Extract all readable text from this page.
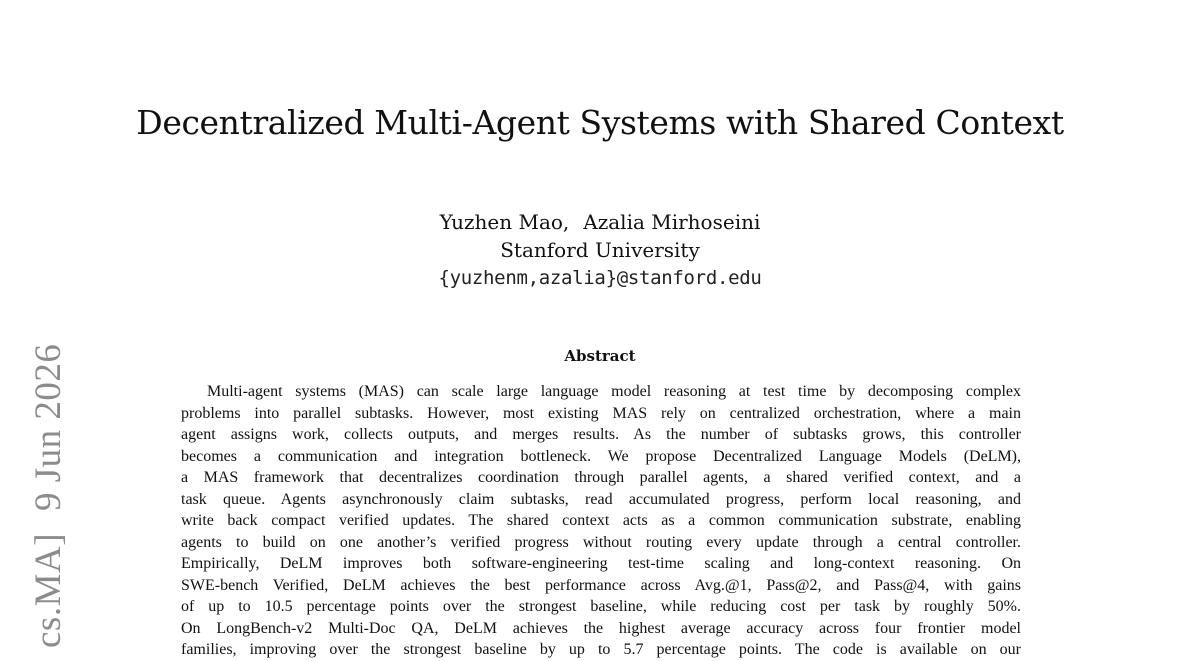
cs.MA]9 Jun 2026
Decentralized Multi-Agent Systems with Shared Context
Yuzhen Mao, Azalia Mirhoseini
Stanford University
{yuzhenm,azalia}@stanford.edu
Abstract
Multi-agent systems (MAS) can scale large language model reasoning at test time by decomposing complex
problems into parallel subtasks. However, most existing MAS rely on centralized orchestration, where a main
agent assigns work, collects outputs, and merges results. As the number of subtasks grows, this controller
becomes a communication and integration bottleneck. We propose Decentralized Language Models (DeLM),
a MAS framework that decentralizes coordination through parallel agents, a shared verified context, and a
task queue. Agents asynchronously claim subtasks, read accumulated progress, perform local reasoning, and
write back compact verified updates. The shared context acts as a common communication substrate, enabling
agents to build on one another’s verified progress without routing every update through a central controller.
Empirically, DeLM improves both software-engineering test-time scaling and long-context reasoning. On
SWE-bench Verified, DeLM achieves the best performance across Avg.@1, Pass@2, and Pass@4, with gains
of up to 10.5 percentage points over the strongest baseline, while reducing cost per task by roughly 50%.
On LongBench-v2 Multi-Doc QA, DeLM achieves the highest average accuracy across four frontier model
families, improving over the strongest baseline by up to 5.7 percentage points. The code is available on our
